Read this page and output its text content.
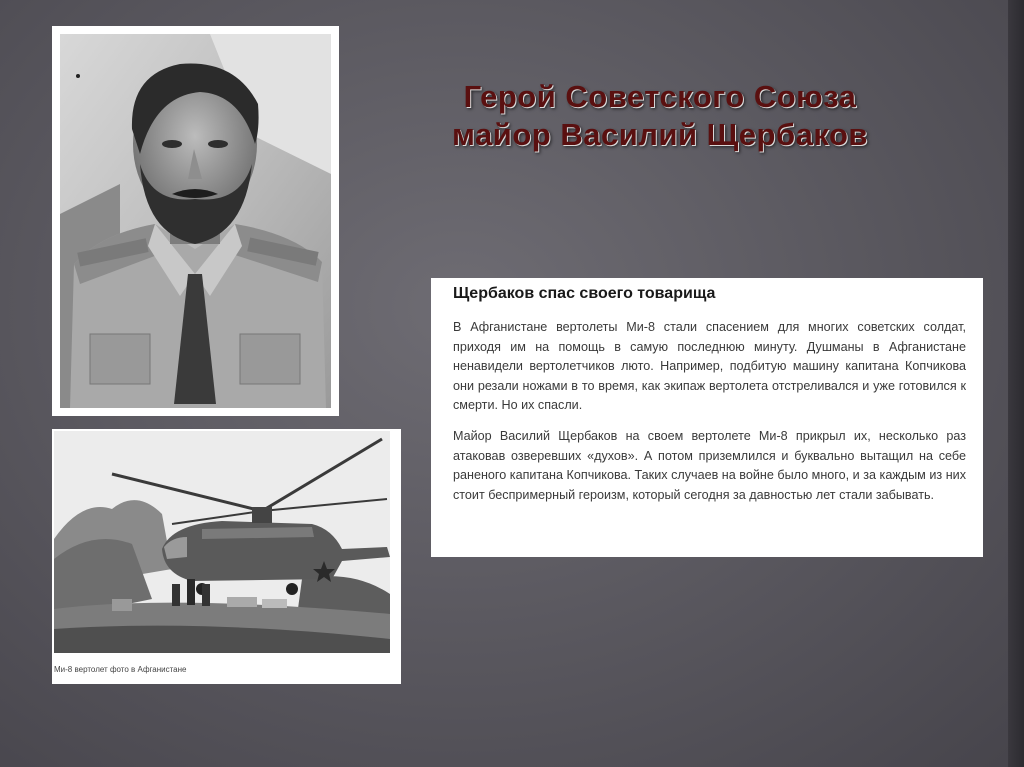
Герой Советского Союза
майор Василий Щербаков
Ми-8 вертолет фото в Афганистане
Щербаков спас своего товарища

В Афганистане вертолеты Ми-8 стали спасением для многих советских солдат, приходя им на помощь в самую последнюю минуту. Душманы в Афганистане ненавидели вертолетчиков люто. Например, подбитую машину капитана Копчикова они резали ножами в то время, как экипаж вертолета отстреливался и уже готовился к смерти. Но их спасли.

Майор Василий Щербаков на своем вертолете Ми-8 прикрыл их, несколько раз атаковав озверевших «духов». А потом приземлился и буквально вытащил на себе раненого капитана Копчикова. Таких случаев на войне было много, и за каждым из них стоит беспримерный героизм, который сегодня за давностью лет стали забывать.
